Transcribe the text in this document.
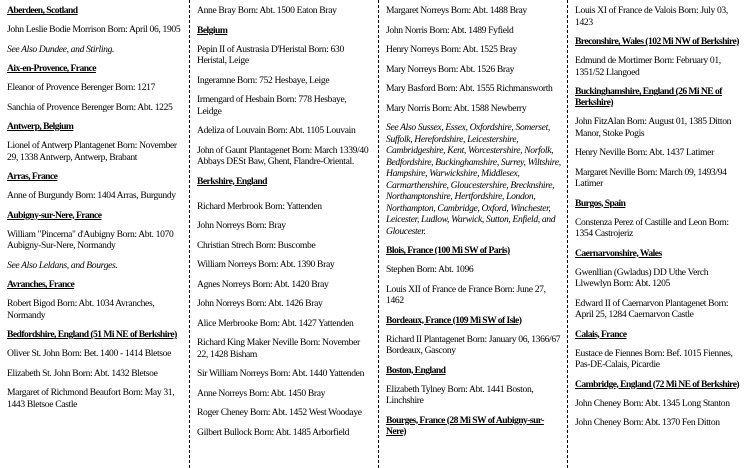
Aberdeen, Scotland
John Leslie Bodie Morrison Born: April 06, 1905
See Also Dundee, and Stirling.
Aix-en-Provence, France
Eleanor of Provence Berenger Born: 1217
Sanchia of Provence Berenger Born: Abt. 1225
Antwerp, Belgium
Lionel of Antwerp Plantagenet Born: November 29, 1338 Antwerp, Antwerp, Brabant
Arras, France
Anne of Burgundy Born: 1404 Arras, Burgundy
Aubigny-sur-Nere, France
William "Pincerna" d'Aubigny Born: Abt. 1070 Aubigny-Sur-Nere, Normandy
See Also Leldans, and Bourges.
Avranches, France
Robert Bigod Born: Abt. 1034 Avranches, Normandy
Bedfordshire, England (51 Mi NE of Berkshire)
Oliver St. John Born: Bet. 1400 - 1414 Bletsoe
Elizabeth St. John Born: Abt. 1432 Bletsoe
Margaret of Richmond Beaufort Born: May 31, 1443 Bletsoe Castle
Anne Bray Born: Abt. 1500 Eaton Bray
Belgium
Pepin II of Austrasia D'Heristal Born: 630 Heristal, Leige
Ingeramne Born: 752 Hesbaye, Leige
Irmengard of Hesbain Born: 778 Hesbaye, Leidge
Adeliza of Louvain Born: Abt. 1105 Louvain
John of Gaunt Plantagenet Born: March 1339/40 Abbays DESt Baw, Ghent, Flandre-Oriental.
Berkshire, England
Richard Merbrook Born: Yattenden
John Norreys Born: Bray
Christian Strech Born: Buscombe
William Norreys Born: Abt. 1390 Bray
Agnes Norreys Born: Abt. 1420 Bray
John Norreys Born: Abt. 1426 Bray
Alice Merbrooke Born: Abt. 1427 Yattenden
Richard King Maker Neville Born: November 22, 1428 Bisham
Sir William Norreys Born: Abt. 1440 Yattenden
Anne Norreys Born: Abt. 1450 Bray
Roger Cheney Born: Abt. 1452 West Woodaye
Gilbert Bullock Born: Abt. 1485 Arborfield
Margaret Norreys Born: Abt. 1488 Bray
John Norris Born: Abt. 1489 Fyfield
Henry Norreys Born: Abt. 1525 Bray
Mary Norreys Born: Abt. 1526 Bray
Mary Basford Born: Abt. 1555 Richmansworth
Mary Norris Born: Abt. 1588 Newberry
See Also Sussex, Essex, Oxfordshire, Somerset, Suffolk, Herefordshire, Leicestershire, Cambridgeshire, Kent, Worcestershire, Norfolk, Bedfordshire, Buckinghamshire, Surrey, Wiltshire, Hampshire, Warwickshire, Middlesex, Carmarthenshire, Gloucestershire, Brecknshire, Northamptonshire, Hertfordshire, London, Northampton, Cambridge, Oxford, Winchester, Leicester, Ludlow, Warwick, Sutton, Enfield, and Gloucester.
Blois, France (100 Mi SW of Paris)
Stephen Born: Abt. 1096
Louis XII of France de France Born: June 27, 1462
Bordeaux, France (109 Mi SW of Isle)
Richard II Plantagenet Born: January 06, 1366/67 Bordeaux, Gascony
Boston, England
Elizabeth Tylney Born: Abt. 1441 Boston, Linchshire
Bourges, France (28 Mi SW of Aubigny-sur-Nere)
Louis XI of France de Valois Born: July 03, 1423
Breconshire, Wales (102 Mi NW of Berkshire)
Edmund de Mortimer Born: February 01, 1351/52 Llangoed
Buckinghamshire, England (26 Mi NE of Berkshire)
John FitzAlan Born: August 01, 1385 Ditton Manor, Stoke Pogis
Henry Neville Born: Abt. 1437 Latimer
Margaret Neville Born: March 09, 1493/94 Latimer
Burgos, Spain
Constenza Perez of Castille and Leon Born: 1354 Castrojeriz
Caernarvonshire, Wales
Gwenllian (Gwladus) DD Uthe Verch Llwewlyn Born: Abt. 1205
Edward II of Caernarvon Plantagenet Born: April 25, 1284 Caernarvon Castle
Calais, France
Eustace de Fiennes Born: Bef. 1015 Fiennes, Pas-DE-Calais, Picardie
Cambridge, England (72 Mi NE of Berkshire)
John Cheney Born: Abt. 1345 Long Stanton
John Cheney Born: Abt. 1370 Fen Ditton
